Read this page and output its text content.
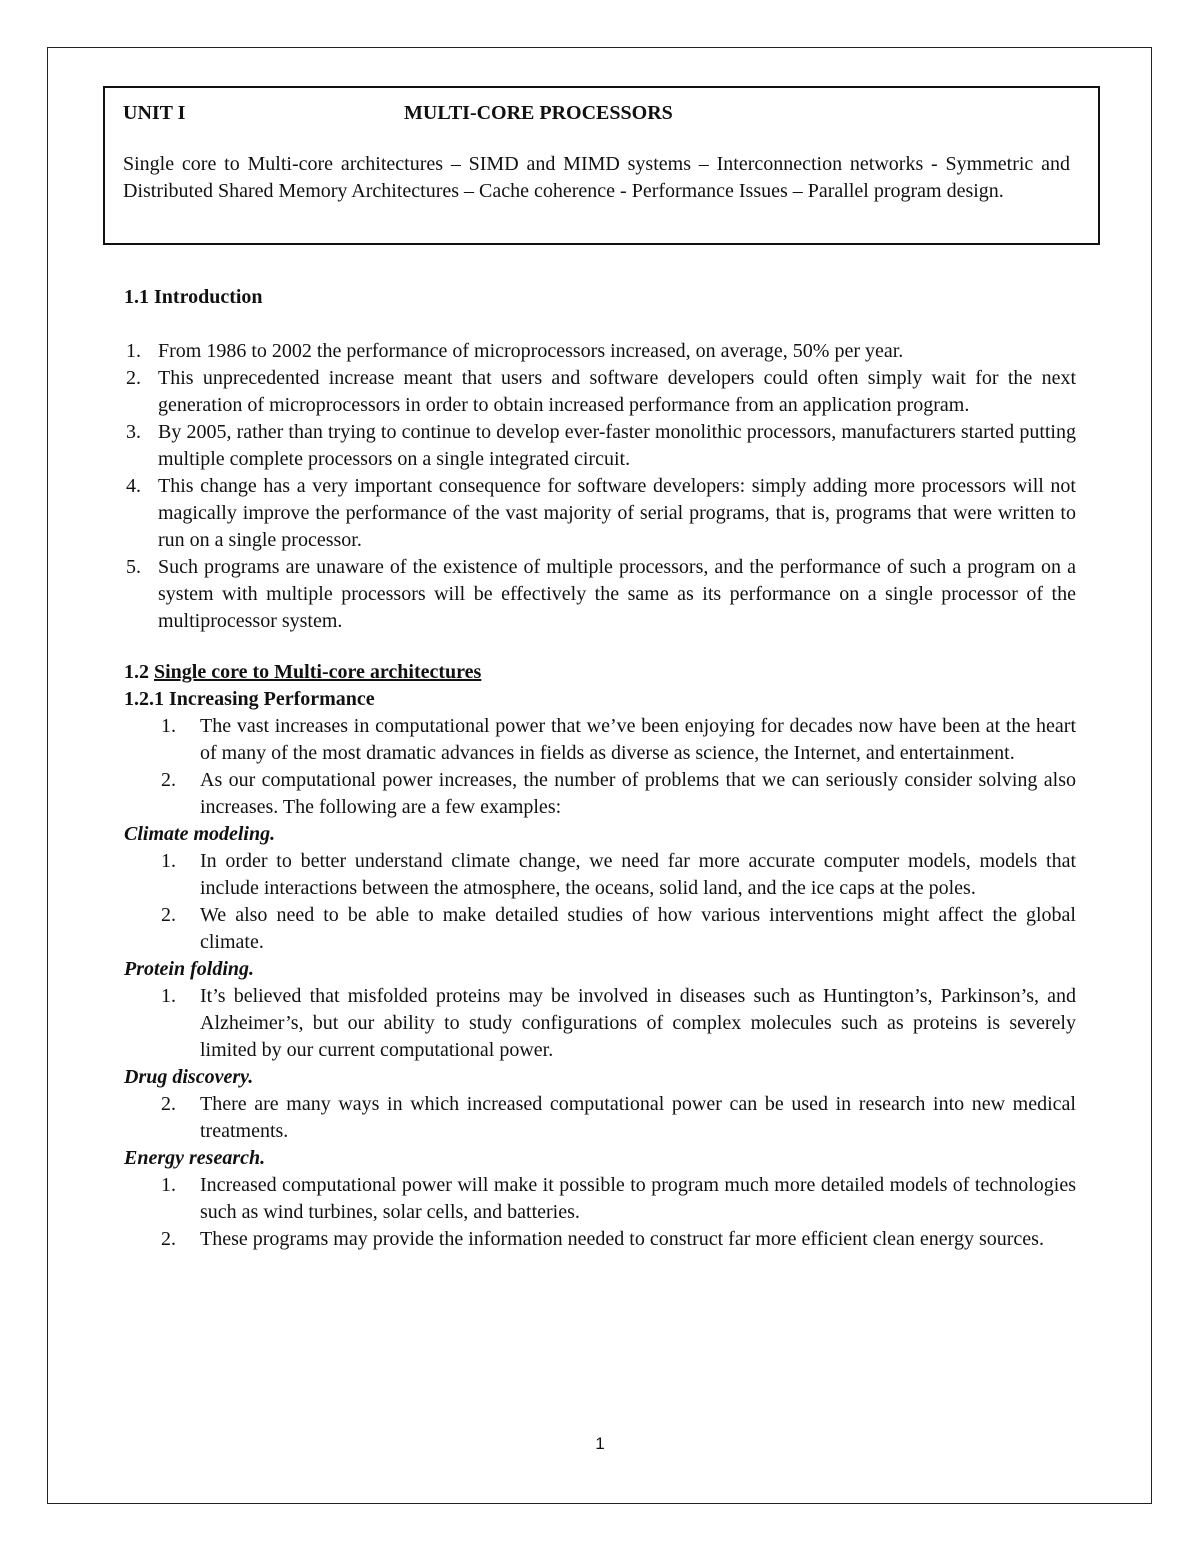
UNIT I	MULTI-CORE PROCESSORS
Single core to Multi-core architectures – SIMD and MIMD systems – Interconnection networks - Symmetric and Distributed Shared Memory Architectures – Cache coherence - Performance Issues – Parallel program design.
1.1 Introduction
1. From 1986 to 2002 the performance of microprocessors increased, on average, 50% per year.
2. This unprecedented increase meant that users and software developers could often simply wait for the next generation of microprocessors in order to obtain increased performance from an application program.
3. By 2005, rather than trying to continue to develop ever-faster monolithic processors, manufacturers started putting multiple complete processors on a single integrated circuit.
4. This change has a very important consequence for software developers: simply adding more processors will not magically improve the performance of the vast majority of serial programs, that is, programs that were written to run on a single processor.
5. Such programs are unaware of the existence of multiple processors, and the performance of such a program on a system with multiple processors will be effectively the same as its performance on a single processor of the multiprocessor system.
1.2 Single core to Multi-core architectures
1.2.1 Increasing Performance
1. The vast increases in computational power that we’ve been enjoying for decades now have been at the heart of many of the most dramatic advances in fields as diverse as science, the Internet, and entertainment.
2. As our computational power increases, the number of problems that we can seriously consider solving also increases. The following are a few examples:
Climate modeling.
1. In order to better understand climate change, we need far more accurate computer models, models that include interactions between the atmosphere, the oceans, solid land, and the ice caps at the poles.
2. We also need to be able to make detailed studies of how various interventions might affect the global climate.
Protein folding.
1. It’s believed that misfolded proteins may be involved in diseases such as Huntington’s, Parkinson’s, and Alzheimer’s, but our ability to study configurations of complex molecules such as proteins is severely limited by our current computational power.
Drug discovery.
2. There are many ways in which increased computational power can be used in research into new medical treatments.
Energy research.
1. Increased computational power will make it possible to program much more detailed models of technologies such as wind turbines, solar cells, and batteries.
2. These programs may provide the information needed to construct far more efficient clean energy sources.
1
